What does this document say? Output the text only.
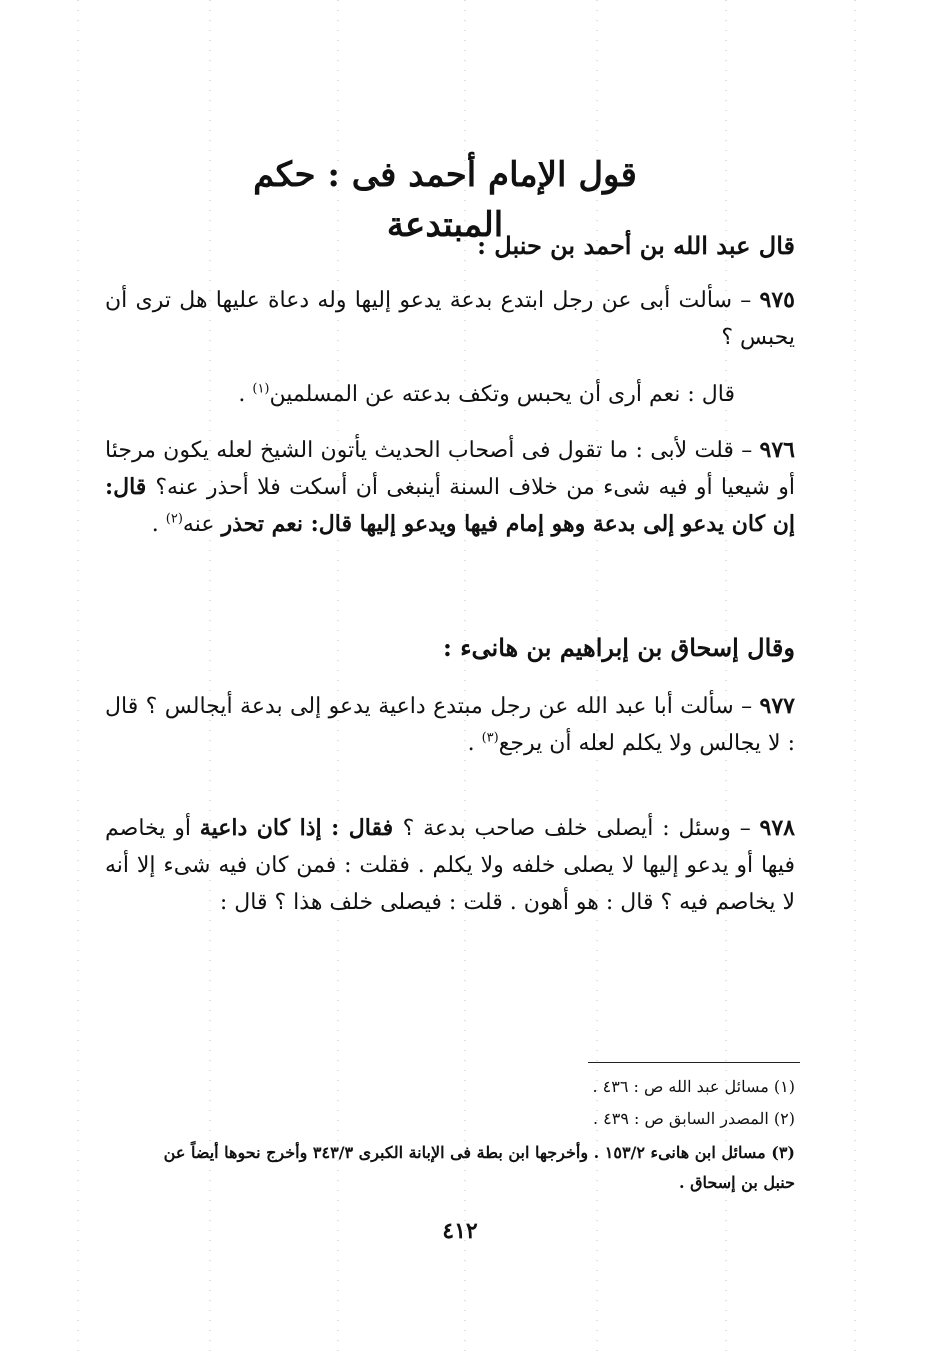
قول الإمام أحمد فى : حكم المبتدعة
قال عبد الله بن أحمد بن حنبل :
٩٧٥ – سألت أبى عن رجل ابتدع بدعة يدعو إليها وله دعاة عليها هل ترى أن يحبس ؟
قال : نعم أرى أن يحبس وتكف بدعته عن المسلمين$^{(١)}$ .
٩٧٦ – قلت لأبى : ما تقول فى أصحاب الحديث يأتون الشيخ لعله يكون مرجئا أو شيعيا أو فيه شىء من خلاف السنة أينبغى أن أسكت فلا أحذر عنه؟ قال: إن كان يدعو إلى بدعة وهو إمام فيها ويدعو إليها قال: نعم تحذر عنه$^{(٢)}$ .
وقال إسحاق بن إبراهيم بن هانىء :
٩٧٧ – سألت أبا عبد الله عن رجل مبتدع داعية يدعو إلى بدعة أيجالس ؟ قال : لا يجالس ولا يكلم لعله أن يرجع$^{(٣)}$ .
٩٧٨ – وسئل : أيصلى خلف صاحب بدعة ؟ فقال : إذا كان داعية أو يخاصم فيها أو يدعو إليها لا يصلى خلفه ولا يكلم . فقلت : فمن كان فيه شىء إلا أنه لا يخاصم فيه ؟ قال : هو أهون . قلت : فيصلى خلف هذا ؟ قال :
(١) مسائل عبد الله ص : ٤٣٦ .
(٢) المصدر السابق ص : ٤٣٩ .
(٣) مسائل ابن هانىء ١٥٣/٢ . وأخرجها ابن بطة فى الإبانة الكبرى ٣٤٣/٣ وأخرج نحوها أيضاً عن حنبل بن إسحاق .
٤١٢
